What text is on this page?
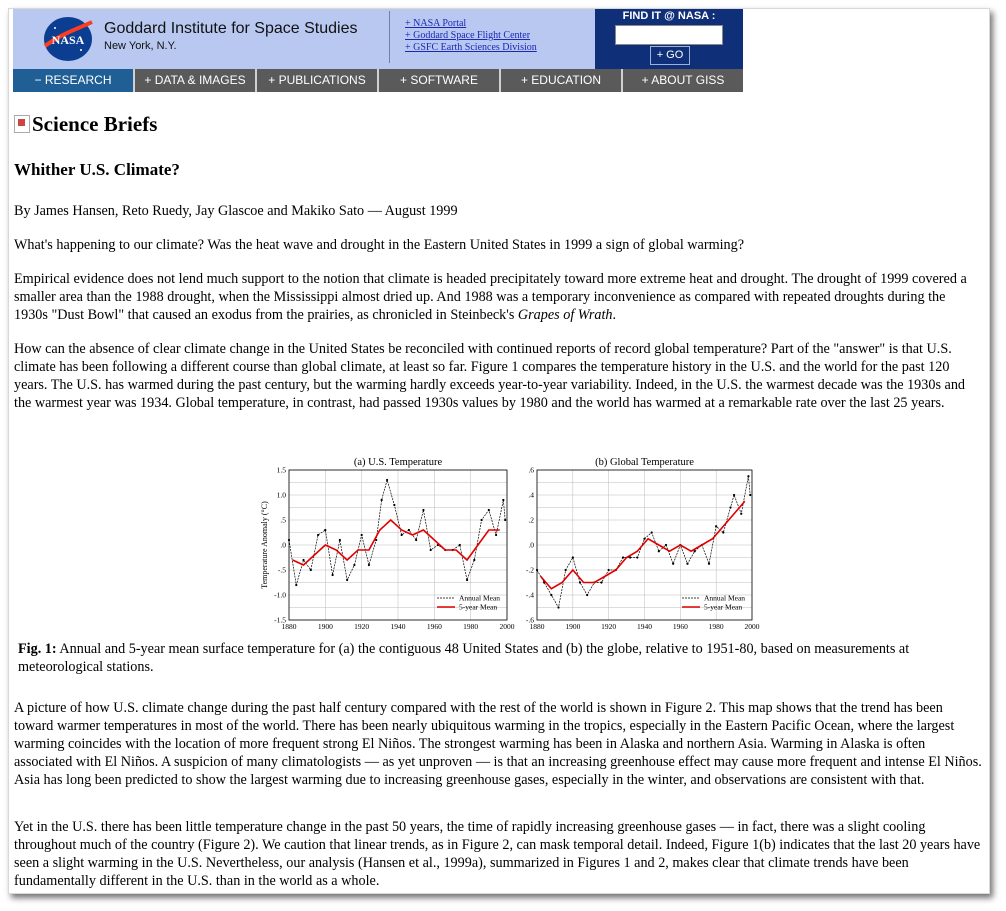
NASA
Goddard Institute for Space Studies
New York, N.Y.
+ NASA Portal
+ Goddard Space Flight Center
+ GSFC Earth Sciences Division
FIND IT @ NASA :
+ GO
− RESEARCH	+ DATA & IMAGES	+ PUBLICATIONS	+ SOFTWARE	+ EDUCATION	+ ABOUT GISS
Science Briefs
Whither U.S. Climate?

By James Hansen, Reto Ruedy, Jay Glascoe and Makiko Sato — August 1999

What's happening to our climate? Was the heat wave and drought in the Eastern United States in 1999 a sign of global warming?

Empirical evidence does not lend much support to the notion that climate is headed precipitately toward more extreme heat and drought. The drought of 1999 covered a smaller area than the 1988 drought, when the Mississippi almost dried up. And 1988 was a temporary inconvenience as compared with repeated droughts during the 1930s "Dust Bowl" that caused an exodus from the prairies, as chronicled in Steinbeck's Grapes of Wrath.

How can the absence of clear climate change in the United States be reconciled with continued reports of record global temperature? Part of the "answer" is that U.S. climate has been following a different course than global climate, at least so far. Figure 1 compares the temperature history in the U.S. and the world for the past 120 years. The U.S. has warmed during the past century, but the warming hardly exceeds year-to-year variability. Indeed, in the U.S. the warmest decade was the 1930s and the warmest year was 1934. Global temperature, in contrast, had passed 1930s values by 1980 and the world has warmed at a remarkable rate over the last 25 years.

(a) U.S. Temperature
1880	1900	1920	1940	1960	1980	2000
-1.5
-1.0
-.5
.0
.5
1.0
1.5
Temperature Anomaly (°C)
Annual Mean
5-year Mean
(b) Global Temperature
1880	1900	1920	1940	1960	1980	2000
-.6
-.4
-.2
.0
.2
.4
.6
Annual Mean
5-year Mean
Fig. 1: Annual and 5-year mean surface temperature for (a) the contiguous 48 United States and (b) the globe, relative to 1951-80, based on measurements at meteorological stations.

A picture of how U.S. climate change during the past half century compared with the rest of the world is shown in Figure 2. This map shows that the trend has been toward warmer temperatures in most of the world. There has been nearly ubiquitous warming in the tropics, especially in the Eastern Pacific Ocean, where the largest warming coincides with the location of more frequent strong El Niños. The strongest warming has been in Alaska and northern Asia. Warming in Alaska is often associated with El Niños. A suspicion of many climatologists — as yet unproven — is that an increasing greenhouse effect may cause more frequent and intense El Niños. Asia has long been predicted to show the largest warming due to increasing greenhouse gases, especially in the winter, and observations are consistent with that.

Yet in the U.S. there has been little temperature change in the past 50 years, the time of rapidly increasing greenhouse gases — in fact, there was a slight cooling throughout much of the country (Figure 2). We caution that linear trends, as in Figure 2, can mask temporal detail. Indeed, Figure 1(b) indicates that the last 20 years have seen a slight warming in the U.S. Nevertheless, our analysis (Hansen et al., 1999a), summarized in Figures 1 and 2, makes clear that climate trends have been fundamentally different in the U.S. than in the world as a whole.
